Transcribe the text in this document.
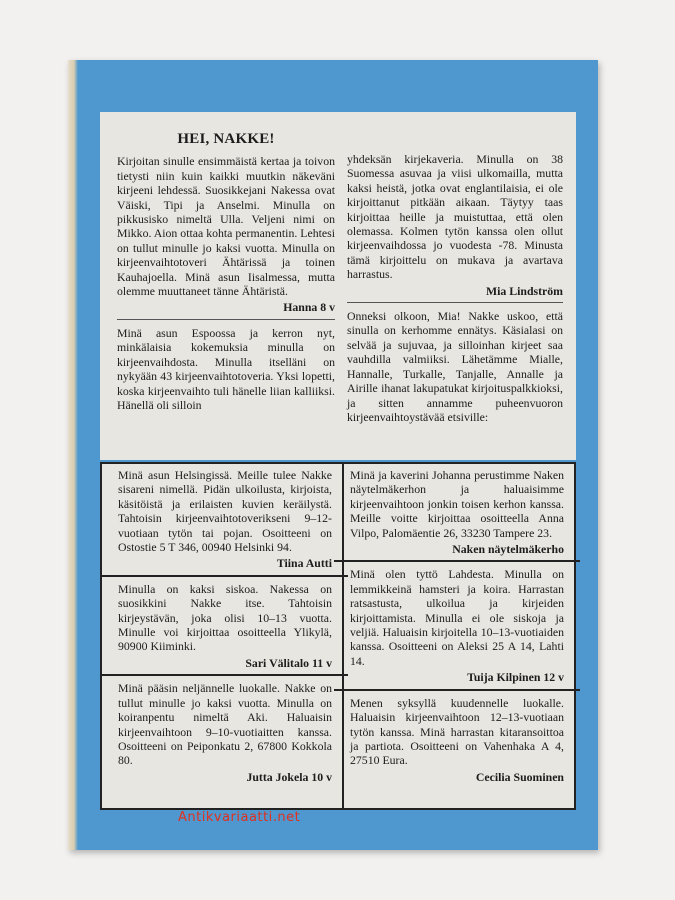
HEI, NAKKE!

Kirjoitan sinulle ensimmäistä kertaa ja toivon tietysti niin kuin kaikki muutkin näkeväni kirjeeni lehdessä. Suosikkejani Nakessa ovat Väiski, Tipi ja Anselmi. Minulla on pikkusisko nimeltä Ulla. Veljeni nimi on Mikko. Aion ottaa kohta permanentin. Lehtesi on tullut minulle jo kaksi vuotta. Minulla on kirjeenvaihtotoveri Ähtärissä ja toinen Kauhajoella. Minä asun Iisalmessa, mutta olemme muuttaneet tänne Ähtäristä.

Hanna 8 v

Minä asun Espoossa ja kerron nyt, minkälaisia kokemuksia minulla on kirjeenvaihdosta. Minulla itselläni on nykyään 43 kirjeenvaihtotoveria. Yksi lopetti, koska kirjeenvaihto tuli hänelle liian kalliiksi. Hänellä oli silloin

yhdeksän kirjekaveria. Minulla on 38 Suomessa asuvaa ja viisi ulkomailla, mutta kaksi heistä, jotka ovat englantilaisia, ei ole kirjoittanut pitkään aikaan. Täytyy taas kirjoittaa heille ja muistuttaa, että olen olemassa. Kolmen tytön kanssa olen ollut kirjeenvaihdossa jo vuodesta -78. Minusta tämä kirjoittelu on mukava ja avartava harrastus.

Mia Lindström

Onneksi olkoon, Mia! Nakke uskoo, että sinulla on kerhomme ennätys. Käsialasi on selvää ja sujuvaa, ja silloinhan kirjeet saa vauhdilla valmiiksi. Lähetämme Mialle, Hannalle, Turkalle, Tanjalle, Annalle ja Airille ihanat lakupatukat kirjoituspalkkioksi, ja sitten annamme puheenvuoron kirjeenvaihtoystävää etsiville:

Minä asun Helsingissä. Meille tulee Nakke sisareni nimellä. Pidän ulkoilusta, kirjoista, käsitöistä ja erilaisten kuvien keräilystä. Tahtoisin kirjeenvaihtotoverikseni 9–12-vuotiaan tytön tai pojan. Osoitteeni on Ostostie 5 T 346, 00940 Helsinki 94.

Tiina Autti

Minulla on kaksi siskoa. Nakessa on suosikkini Nakke itse. Tahtoisin kirjeystävän, joka olisi 10–13 vuotta. Minulle voi kirjoittaa osoitteella Ylikylä, 90900 Kiiminki.

Sari Välitalo 11 v

Minä pääsin neljännelle luokalle. Nakke on tullut minulle jo kaksi vuotta. Minulla on koiranpentu nimeltä Aki. Haluaisin kirjeenvaihtoon 9–10-vuotiaitten kanssa. Osoitteeni on Peiponkatu 2, 67800 Kokkola 80.

Jutta Jokela 10 v

Minä ja kaverini Johanna perustimme Naken näytelmäkerhon ja haluaisimme kirjeenvaihtoon jonkin toisen kerhon kanssa. Meille voitte kirjoittaa osoitteella Anna Vilpo, Palomäentie 26, 33230 Tampere 23.

Naken näytelmäkerho

Minä olen tyttö Lahdesta. Minulla on lemmikkeinä hamsteri ja koira. Harrastan ratsastusta, ulkoilua ja kirjeiden kirjoittamista. Minulla ei ole siskoja ja veljiä. Haluaisin kirjoitella 10–13-vuotiaiden kanssa. Osoitteeni on Aleksi 25 A 14, Lahti 14.

Tuija Kilpinen 12 v

Menen syksyllä kuudennelle luokalle. Haluaisin kirjeenvaihtoon 12–13-vuotiaan tytön kanssa. Minä harrastan kitaransoittoa ja partiota. Osoitteeni on Vahenhaka A 4, 27510 Eura.

Cecilia Suominen
Antikvariaatti.net
